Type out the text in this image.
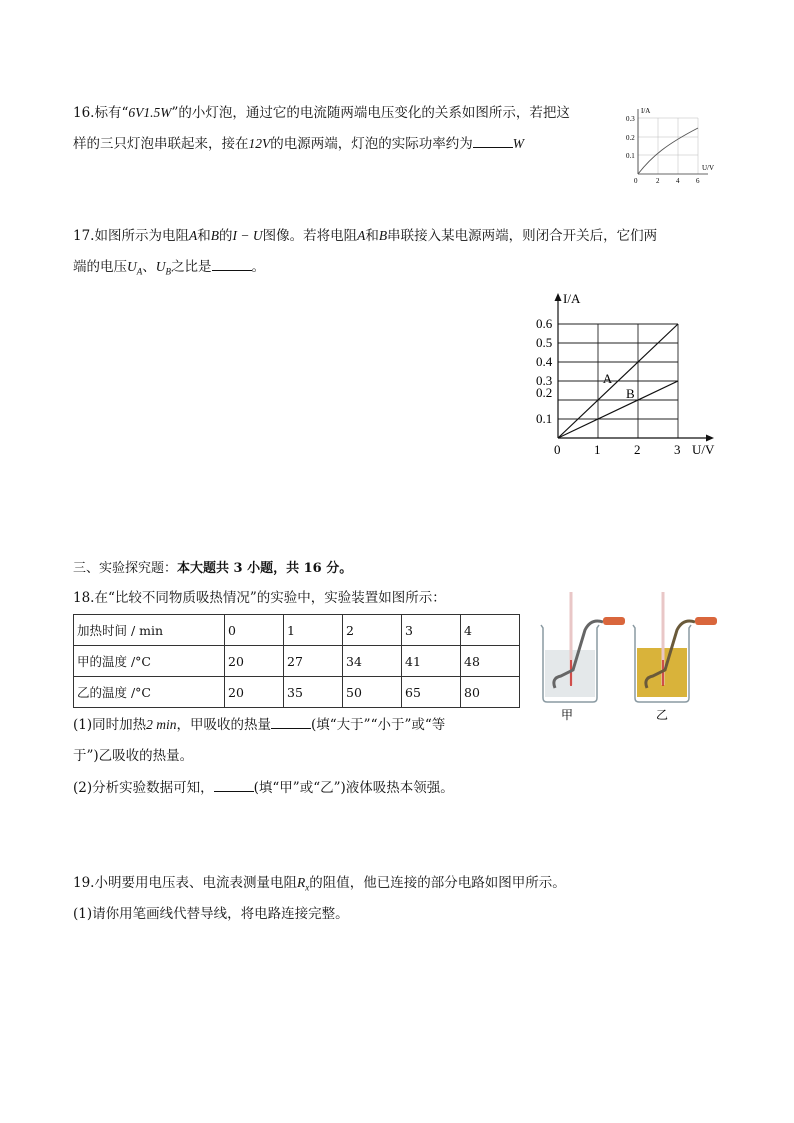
16.标有“6V1.5W”的小灯泡，通过它的电流随两端电压变化的关系如图所示，若把这
样的三只灯泡串联起来，接在12V的电源两端，灯泡的实际功率约为	W
I/A
U/V
0
0.3
0.2
0.1
2 4 6
17.如图所示为电阻A和B的I − U图像。若将电阻A和B串联接入某电源两端，则闭合开关后，它们两
端的电压$U_A$、$U_B$之比是	。
A
B
0	1	2	3
0.1
0.2
0.3
0.4
0.5
0.6
I/A
U/V
三、实验探究题：本大题共 3 小题，共 16 分。
18.在“比较不同物质吸热情况”的实验中，实验装置如图所示：
加热时间 / min	0	1	2	3	4
甲的温度 /°C	20	27	34	41	48
乙的温度 /°C	20	35	50	65	80
(1)同时加热2 min，甲吸收的热量	(填“大于”“小于”或“等
于”)乙吸收的热量。
(2)分析实验数据可知，	(填“甲”或“乙”)液体吸热本领强。
甲	乙
19.小明要用电压表、电流表测量电阻$R_x$的阻值，他已连接的部分电路如图甲所示。
(1)请你用笔画线代替导线，将电路连接完整。
